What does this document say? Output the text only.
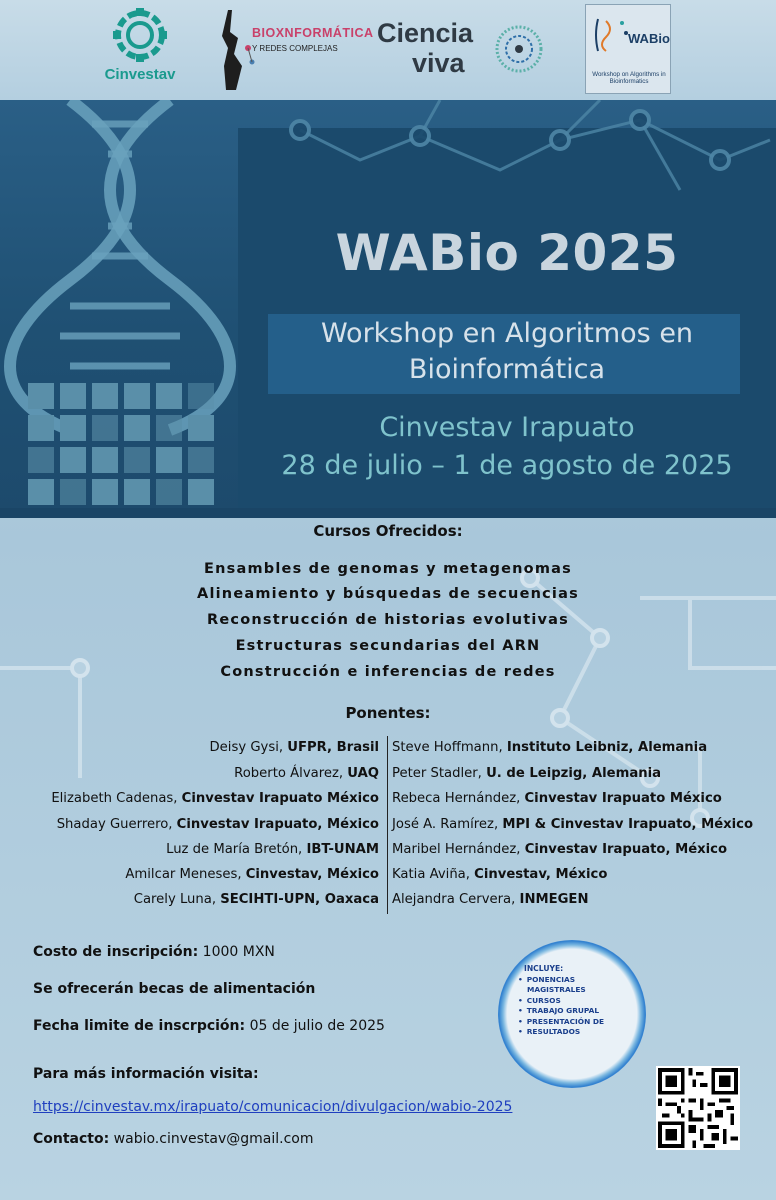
Cinvestav
BIOXNFORMÁTICA
Y REDES COMPLEJAS
Ciencia
viva
WABio
Workshop on Algorithms in Bioinformatics
WABio 2025
Workshop en Algoritmos en
Bioinformática
Cinvestav Irapuato
28 de julio – 1 de agosto de 2025
Cursos Ofrecidos:
Ensambles de genomas y metagenomas
Alineamiento y búsquedas de secuencias
Reconstrucción de historias evolutivas
Estructuras secundarias del ARN
Construcción e inferencias de redes
Ponentes:
Deisy Gysi, UFPR, Brasil
Roberto Álvarez, UAQ
Elizabeth Cadenas, Cinvestav Irapuato México
Shaday Guerrero, Cinvestav Irapuato, México
Luz de María Bretón, IBT-UNAM
Amilcar Meneses, Cinvestav, México
Carely Luna, SECIHTI-UPN, Oaxaca
Steve Hoffmann, Instituto Leibniz, Alemania
Peter Stadler, U. de Leipzig, Alemania
Rebeca Hernández, Cinvestav Irapuato México
José A. Ramírez, MPI & Cinvestav Irapuato, México
Maribel Hernández, Cinvestav Irapuato, México
Katia Aviña, Cinvestav, México
Alejandra Cervera, INMEGEN
Costo de inscripción: 1000 MXN
Se ofrecerán becas de alimentación
Fecha limite de inscrpción: 05 de julio de 2025
Para más información visita:
https://cinvestav.mx/irapuato/comunicacion/divulgacion/wabio-2025
Contacto: wabio.cinvestav@gmail.com
INCLUYE:
• PONENCIAS
MAGISTRALES
• CURSOS
• TRABAJO GRUPAL
• PRESENTACIÓN DE
• RESULTADOS
